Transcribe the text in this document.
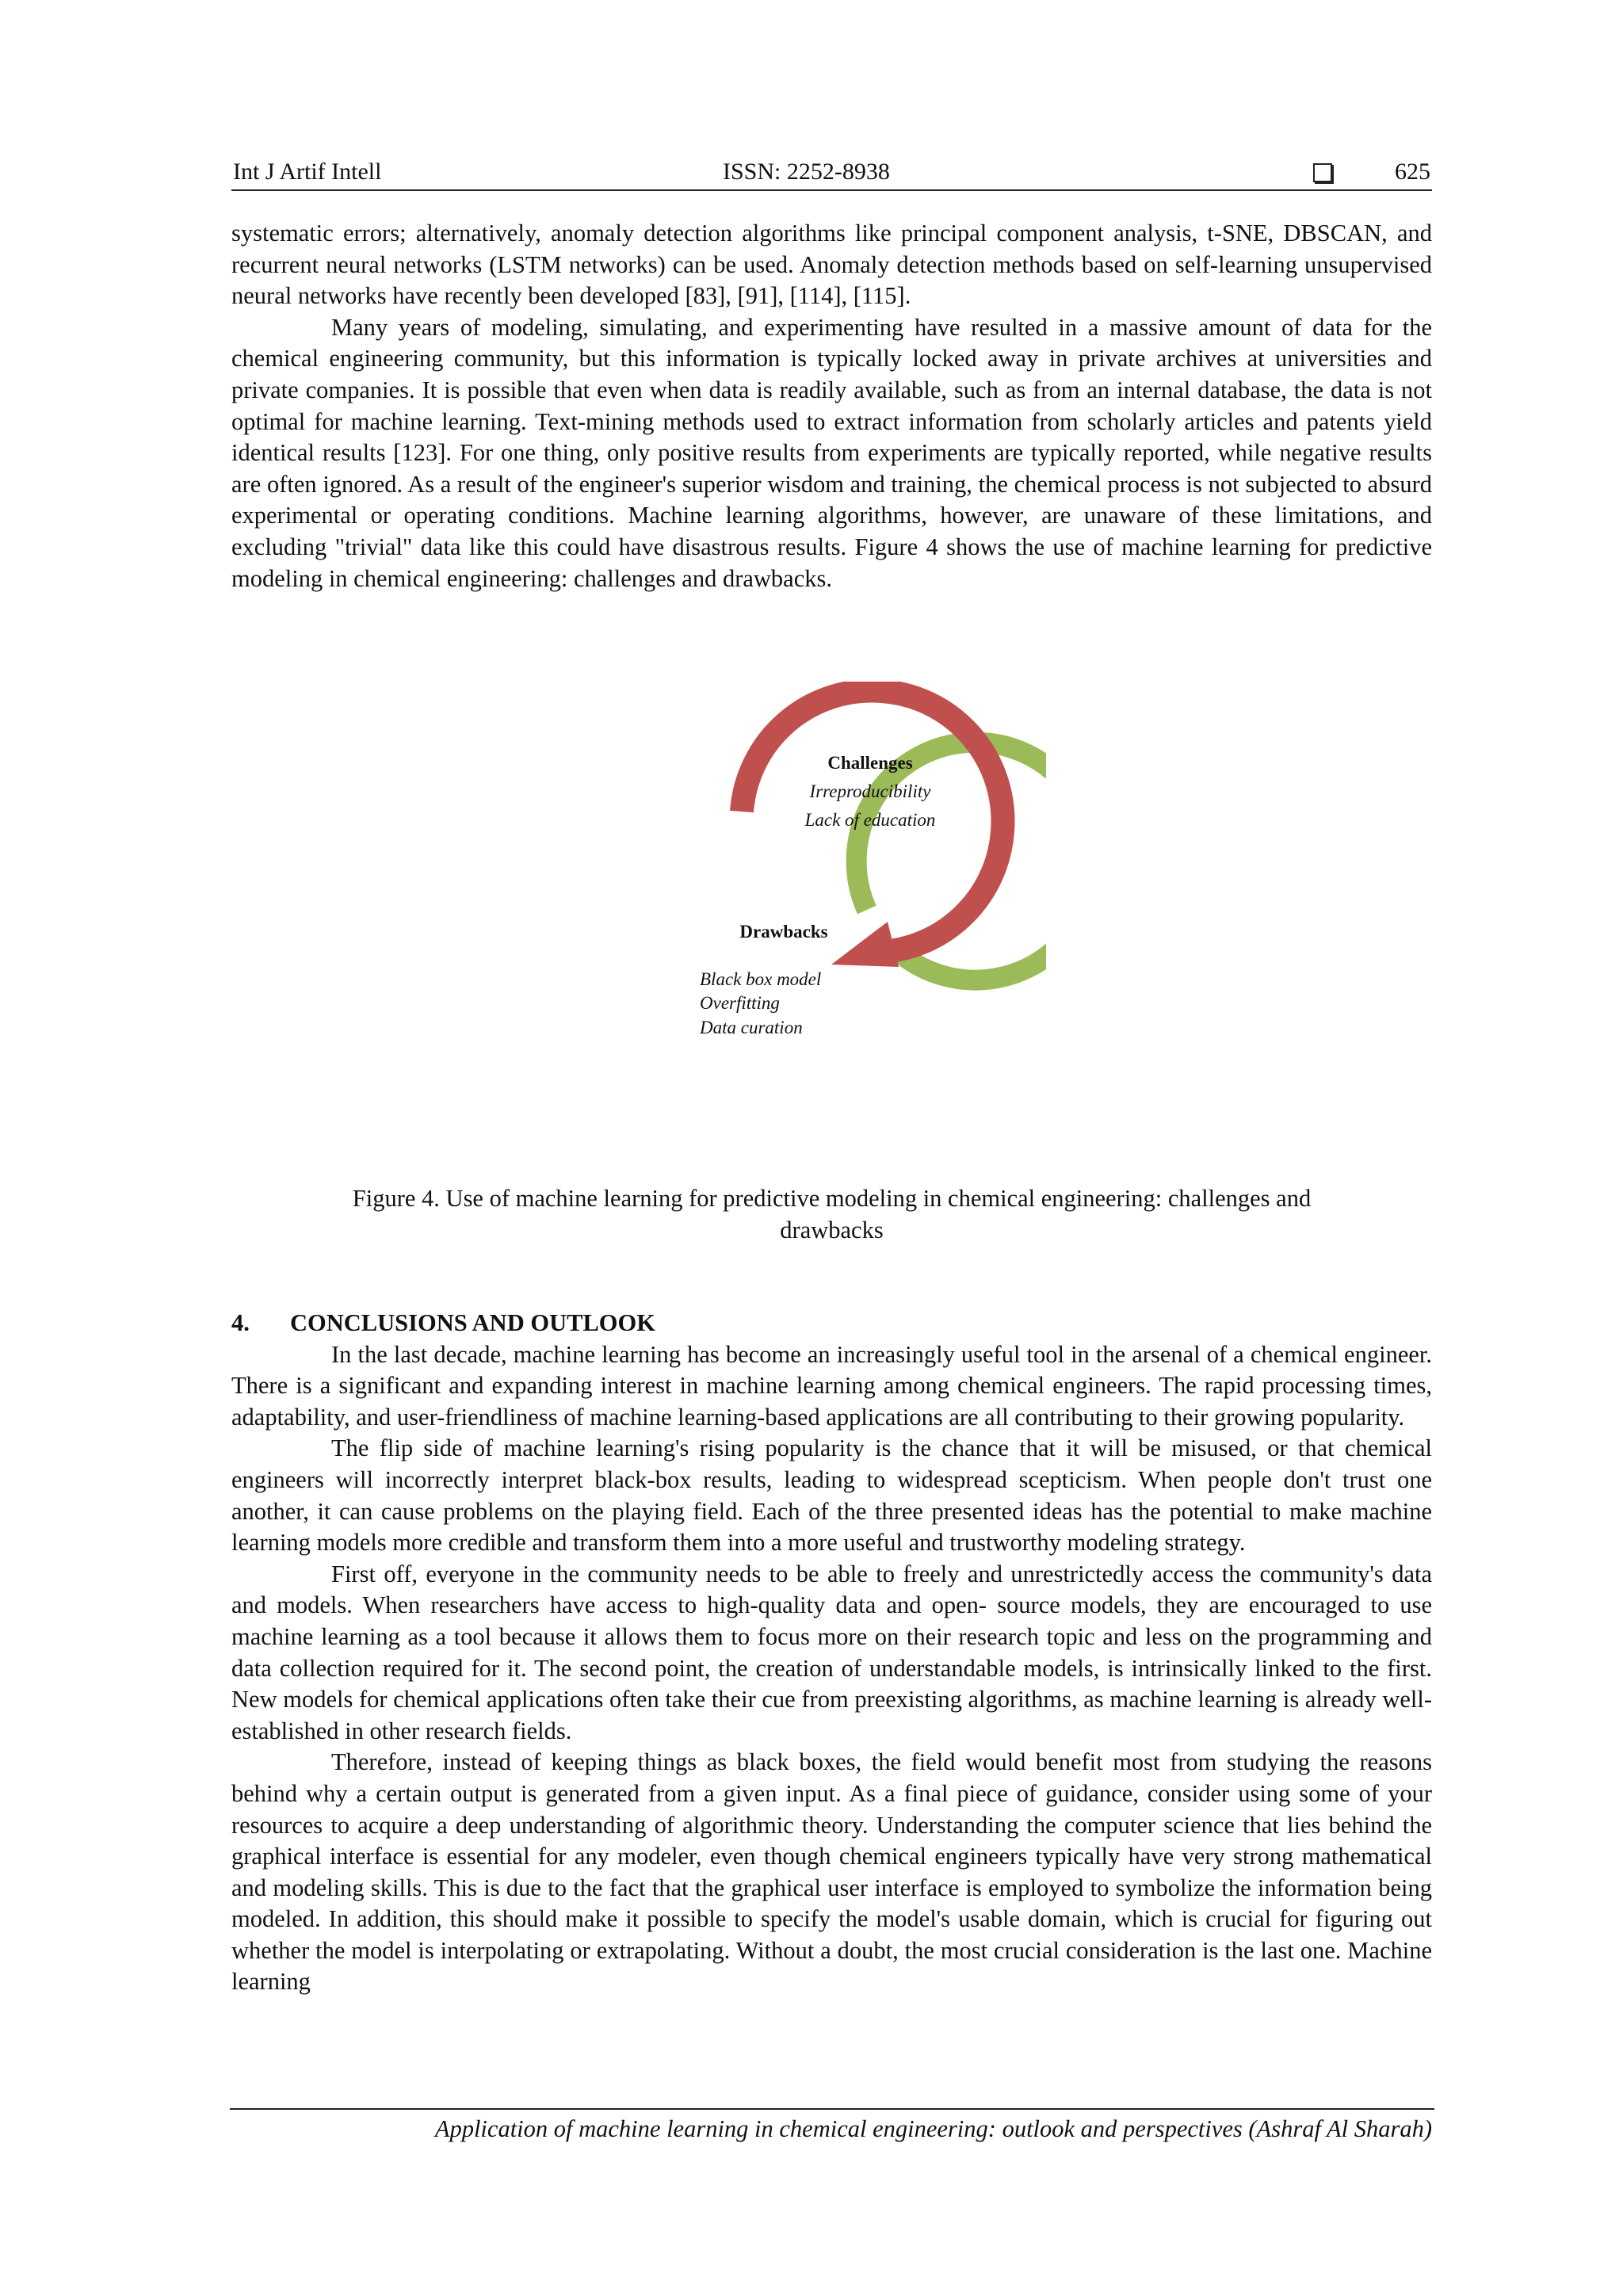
Int J Artif Intell	ISSN: 2252-8938	625

systematic errors; alternatively, anomaly detection algorithms like principal component analysis, t-SNE, DBSCAN, and recurrent neural networks (LSTM networks) can be used. Anomaly detection methods based on self-learning unsupervised neural networks have recently been developed [83], [91], [114], [115].

Many years of modeling, simulating, and experimenting have resulted in a massive amount of data for the chemical engineering community, but this information is typically locked away in private archives at universities and private companies. It is possible that even when data is readily available, such as from an internal database, the data is not optimal for machine learning. Text-mining methods used to extract information from scholarly articles and patents yield identical results [123]. For one thing, only positive results from experiments are typically reported, while negative results are often ignored. As a result of the engineer's superior wisdom and training, the chemical process is not subjected to absurd experimental or operating conditions. Machine learning algorithms, however, are unaware of these limitations, and excluding "trivial" data like this could have disastrous results. Figure 4 shows the use of machine learning for predictive modeling in chemical engineering: challenges and drawbacks.

Challenges
Irreproducibility
Lack of education
Drawbacks
Black box model
Overfitting
Data curation
Figure 4. Use of machine learning for predictive modeling in chemical engineering: challenges and
drawbacks

4. CONCLUSIONS AND OUTLOOK

In the last decade, machine learning has become an increasingly useful tool in the arsenal of a chemical engineer. There is a significant and expanding interest in machine learning among chemical engineers. The rapid processing times, adaptability, and user-friendliness of machine learning-based applications are all contributing to their growing popularity.

The flip side of machine learning's rising popularity is the chance that it will be misused, or that chemical engineers will incorrectly interpret black-box results, leading to widespread scepticism. When people don't trust one another, it can cause problems on the playing field. Each of the three presented ideas has the potential to make machine learning models more credible and transform them into a more useful and trustworthy modeling strategy.

First off, everyone in the community needs to be able to freely and unrestrictedly access the community's data and models. When researchers have access to high-quality data and open- source models, they are encouraged to use machine learning as a tool because it allows them to focus more on their research topic and less on the programming and data collection required for it. The second point, the creation of understandable models, is intrinsically linked to the first. New models for chemical applications often take their cue from preexisting algorithms, as machine learning is already well-established in other research fields.

Therefore, instead of keeping things as black boxes, the field would benefit most from studying the reasons behind why a certain output is generated from a given input. As a final piece of guidance, consider using some of your resources to acquire a deep understanding of algorithmic theory. Understanding the computer science that lies behind the graphical interface is essential for any modeler, even though chemical engineers typically have very strong mathematical and modeling skills. This is due to the fact that the graphical user interface is employed to symbolize the information being modeled. In addition, this should make it possible to specify the model's usable domain, which is crucial for figuring out whether the model is interpolating or extrapolating. Without a doubt, the most crucial consideration is the last one. Machine learning

Application of machine learning in chemical engineering: outlook and perspectives (Ashraf Al Sharah)
